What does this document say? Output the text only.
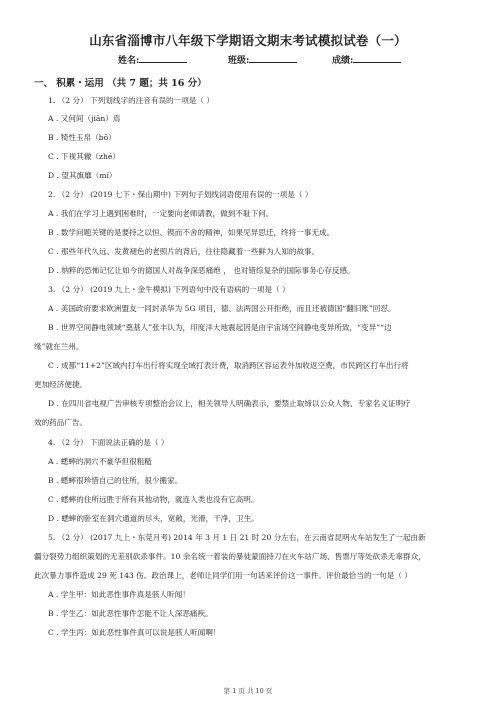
山东省淄博市八年级下学期语文期末考试模拟试卷（一）
姓名:	班级:	成绩:
一、 积累・运用 （共 7 题；共 16 分）
1. （2 分） 下列划线字的注音有误的一项是（ ）
A . 又何间（jiān）焉
B . 犄性玉帛（bō）
C . 下视其辙（zhé）
D . 望其旗靡（mí）
2. （2 分） (2019 七下・保山期中) 下列句子划线词语使用有误的一项是（ ）
A . 我们在学习上遇到困难时，一定要向老师请教，做到不耻下问。
B . 数学问题关键的是要持之以恒、锲而不舍的精神，如果见异思迁，终将一事无成。
C . 那些年代久远、发黄褪色的老照片的背后，往往隐藏着一些鲜为人知的故事。
D . 纳粹的恐怖记忆让如今的德国人对战争深恶痛绝 ， 也对错综复杂的国际事务心存反感。
3. （2 分） (2019 九上・金牛模拟) 下列语句中没有语病的一项是（ ）
A . 美国政府要求欧洲盟友一同封杀华为 5G 项目，德、法两国公开拒绝，而且还被德国“翻旧账”回怼。
B . 世界空间静电领域“奠基人”张丰认为，印度洋大地震起因是由宇宙场空间静电变异所致，“变异”“边
缘”就在兰州。
C . 成都“11+2”区域内打车出行将实现全域打表计费，取消跨区容运表外加收返空费，市民跨区打车出行将
更加经济便捷。
D . 在四川省电视广告审核专项整治会议上，相关领导人明确表示，要禁止取缔以公众人物、专家名义证明疗
效的药品广告。
4. （2 分） 下面说法正确的是（ ）
A . 蟋蟀的洞穴不豪华但很粗糙
B . 蟋蟀很珍惜自己的住所，很少搬家。
C . 蟋蟀的住所远胜于所有其他动物，就连人类也没有它高明。
D . 蟋蟀的卧室在洞穴通道的尽头，宽敞，光滑，干净，卫生。
5. （2 分） (2017 九上・东莞月考) 2014 年 3 月 1 日 21 时 20 分左右，在云南省昆明火车站发生了一起由新
疆分裂势力组织策划的无差别砍杀事件。10 余名统一着装的暴徒蒙面持刀在火车站广场、售票厅等处砍杀无辜群众，
此次暴力事件造成 29 死 143 伤。政治课上，老师让同学们用一句话来评价这一事件。评价最恰当的一句是（ ）
A . 学生甲：如此恶性事件真是骇人听闻！
B . 学生乙：如此恶性事件怎能不让人深恶痛疾。
C . 学生丙：如此恶性事件真可以说是骇人听闻啊！
第 1 页 共 10 页
